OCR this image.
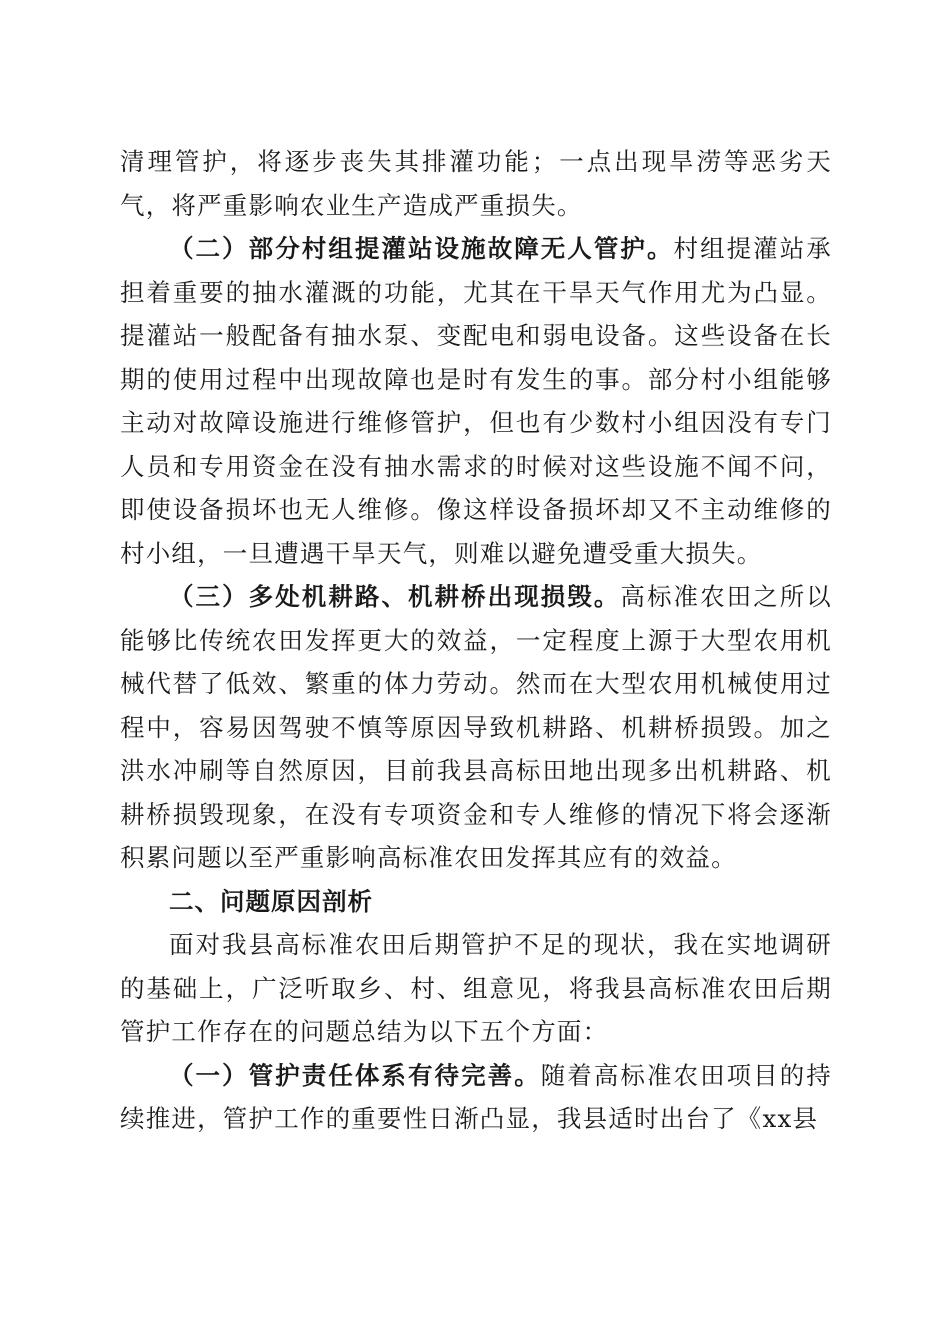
清理管护，将逐步丧失其排灌功能；一点出现旱涝等恶劣天气，将严重影响农业生产造成严重损失。

（二）部分村组提灌站设施故障无人管护。村组提灌站承担着重要的抽水灌溉的功能，尤其在干旱天气作用尤为凸显。提灌站一般配备有抽水泵、变配电和弱电设备。这些设备在长期的使用过程中出现故障也是时有发生的事。部分村小组能够主动对故障设施进行维修管护，但也有少数村小组因没有专门人员和专用资金在没有抽水需求的时候对这些设施不闻不问，即使设备损坏也无人维修。像这样设备损坏却又不主动维修的村小组，一旦遭遇干旱天气，则难以避免遭受重大损失。

（三）多处机耕路、机耕桥出现损毁。高标准农田之所以能够比传统农田发挥更大的效益，一定程度上源于大型农用机械代替了低效、繁重的体力劳动。然而在大型农用机械使用过程中，容易因驾驶不慎等原因导致机耕路、机耕桥损毁。加之洪水冲刷等自然原因，目前我县高标田地出现多出机耕路、机耕桥损毁现象，在没有专项资金和专人维修的情况下将会逐渐积累问题以至严重影响高标准农田发挥其应有的效益。

二、问题原因剖析

面对我县高标准农田后期管护不足的现状，我在实地调研的基础上，广泛听取乡、村、组意见，将我县高标准农田后期管护工作存在的问题总结为以下五个方面：

（一）管护责任体系有待完善。随着高标准农田项目的持续推进，管护工作的重要性日渐凸显，我县适时出台了《xx县
